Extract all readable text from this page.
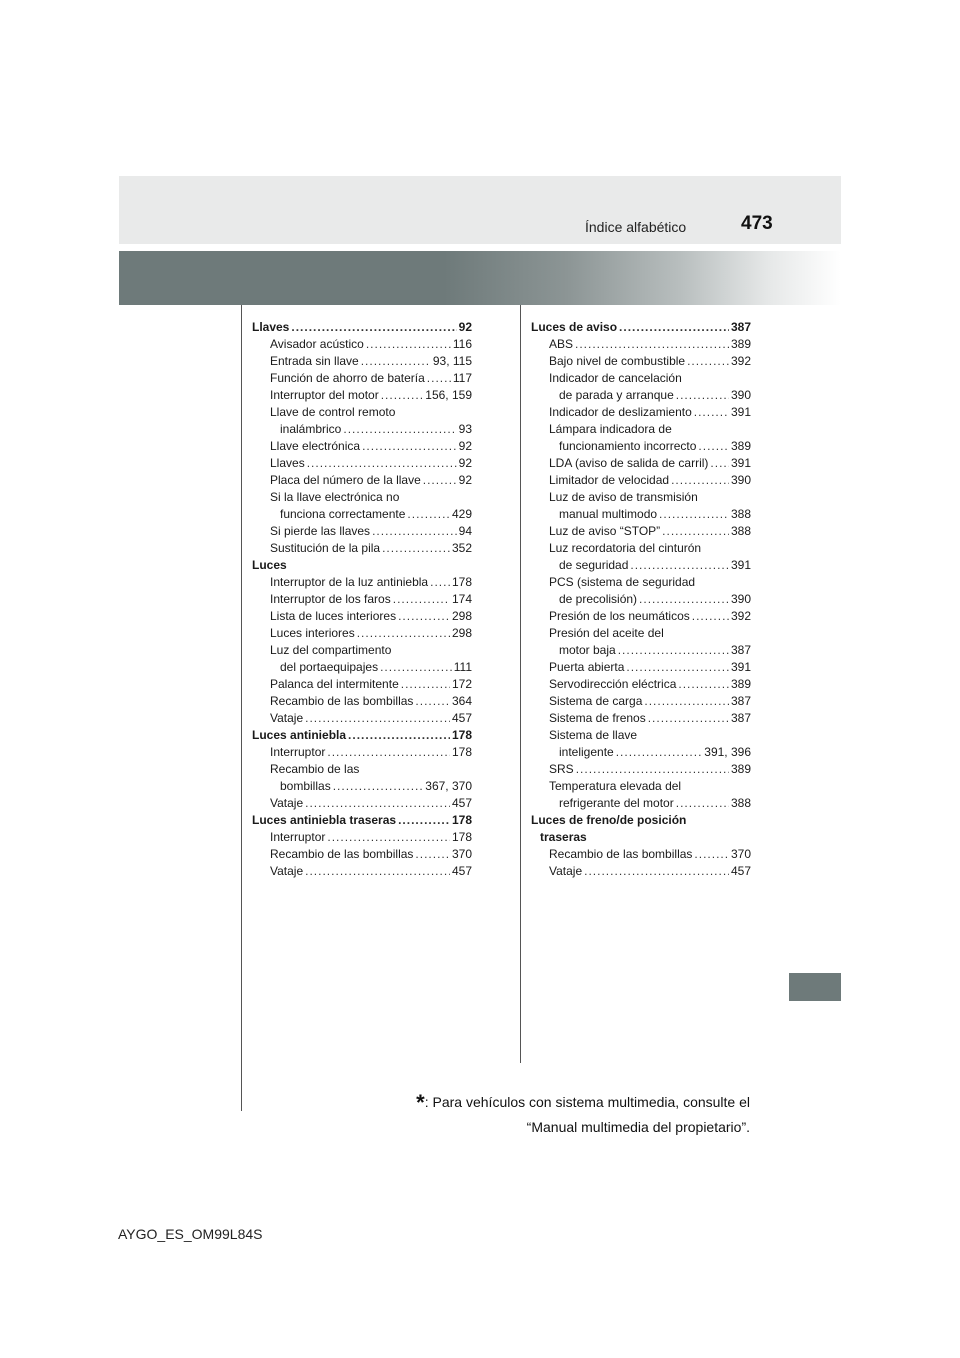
473
Índice alfabético
Llaves .....	92
Avisador acústico .....	116
Entrada sin llave .....	93, 115
Función de ahorro de batería ..... 117
Interruptor del motor .....	156, 159
Llave de control remoto
inalámbrico .....	93
Llave electrónica .....	92
Llaves .....	92
Placa del número de la llave .....	92
Si la llave electrónica no
funciona correctamente .....	429
Si pierde las llaves .....	94
Sustitución de la pila .....	352
Luces
Interruptor de la luz antiniebla ..... 178
Interruptor de los faros .....	174
Lista de luces interiores .....	298
Luces interiores .....	298
Luz del compartimento
del portaequipajes .....	111
Palanca del intermitente .....	172
Recambio de las bombillas .....	364
Vataje .....	457
Luces antiniebla .....	178
Interruptor .....	178
Recambio de las
bombillas .....	367, 370
Vataje .....	457
Luces antiniebla traseras .....	178
Interruptor .....	178
Recambio de las bombillas .....	370
Vataje .....	457
Luces de aviso .....	387
ABS .....	389
Bajo nivel de combustible .....	392
Indicador de cancelación
de parada y arranque .....	390
Indicador de deslizamiento .....	391
Lámpara indicadora de
funcionamiento incorrecto .....	389
LDA (aviso de salida de carril) ..... 391
Limitador de velocidad .....	390
Luz de aviso de transmisión
manual multimodo .....	388
Luz de aviso “STOP” .....	388
Luz recordatoria del cinturón
de seguridad .....	391
PCS (sistema de seguridad
de precolisión) .....	390
Presión de los neumáticos .....	392
Presión del aceite del
motor baja .....	387
Puerta abierta .....	391
Servodirección eléctrica .....	389
Sistema de carga .....	387
Sistema de frenos .....	387
Sistema de llave
inteligente .....	391, 396
SRS .....	389
Temperatura elevada del
refrigerante del motor .....	388
Luces de freno/de posición
traseras
Recambio de las bombillas .....	370
Vataje .....	457
*: Para vehículos con sistema multimedia, consulte el
“Manual multimedia del propietario”.
AYGO_ES_OM99L84S
